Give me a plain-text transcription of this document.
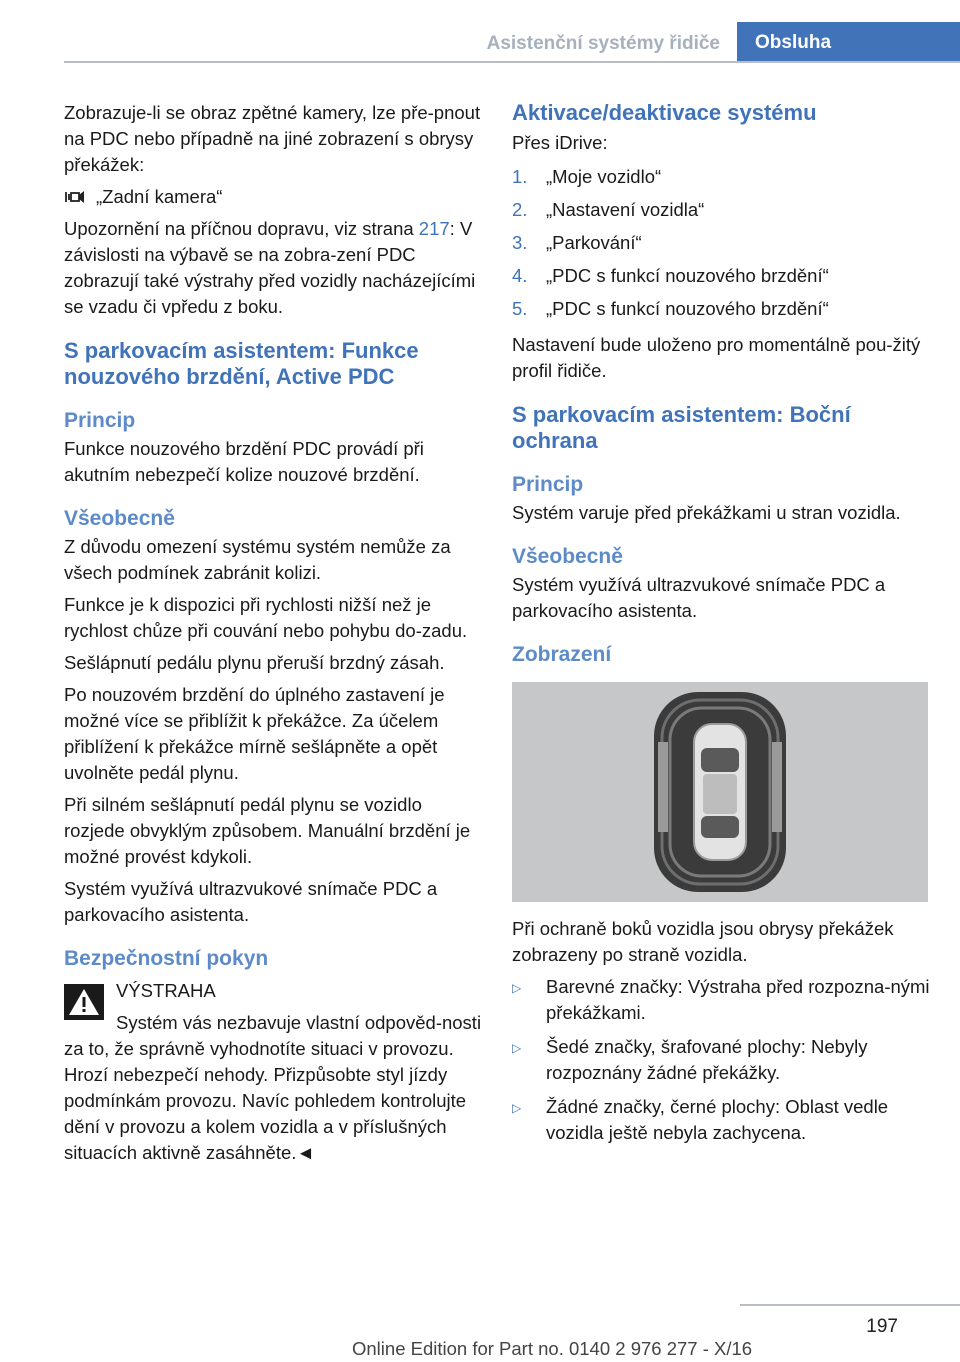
Asistenční systémy řidiče	Obsluha

Zobrazuje-li se obraz zpětné kamery, lze pře-pnout na PDC nebo případně na jiné zobrazení s obrysy překážek:

„Zadní kamera“

Upozornění na příčnou dopravu, viz strana 217: V závislosti na výbavě se na zobra-zení PDC zobrazují také výstrahy před vozidly nacházejícími se vzadu či vpředu z boku.

S parkovacím asistentem: Funkce nouzového brzdění, Active PDC
Princip

Funkce nouzového brzdění PDC provádí při akutním nebezpečí kolize nouzové brzdění.

Všeobecně

Z důvodu omezení systému systém nemůže za všech podmínek zabránit kolizi.

Funkce je k dispozici při rychlosti nižší než je rychlost chůze při couvání nebo pohybu do-zadu.

Sešlápnutí pedálu plynu přeruší brzdný zásah.

Po nouzovém brzdění do úplného zastavení je možné více se přiblížit k překážce. Za účelem přiblížení k překážce mírně sešlápněte a opět uvolněte pedál plynu.

Při silném sešlápnutí pedál plynu se vozidlo rozjede obvyklým způsobem. Manuální brzdění je možné provést kdykoli.

Systém využívá ultrazvukové snímače PDC a parkovacího asistenta.

Bezpečnostní pokyn
VÝSTRAHA

Systém vás nezbavuje vlastní odpověd-nosti za to, že správně vyhodnotíte situaci v provozu. Hrozí nebezpečí nehody. Přizpůsobte styl jízdy podmínkám provozu. Navíc pohledem kontrolujte dění v provozu a kolem vozidla a v příslušných situacích aktivně zasáhněte.◄

Aktivace/deaktivace systému

Přes iDrive:

1.	„Moje vozidlo“
2.	„Nastavení vozidla“
3.	„Parkování“
4.	„PDC s funkcí nouzového brzdění“
5.	„PDC s funkcí nouzového brzdění“

Nastavení bude uloženo pro momentálně pou-žitý profil řidiče.

S parkovacím asistentem: Boční ochrana
Princip

Systém varuje před překážkami u stran vozidla.

Všeobecně

Systém využívá ultrazvukové snímače PDC a parkovacího asistenta.

Zobrazení

Při ochraně boků vozidla jsou obrysy překážek zobrazeny po straně vozidla.

▷	Barevné značky: Výstraha před rozpozna-nými překážkami.
▷	Šedé značky, šrafované plochy: Nebyly rozpoznány žádné překážky.
▷	Žádné značky, černé plochy: Oblast vedle vozidla ještě nebyla zachycena.
197
Online Edition for Part no. 0140 2 976 277 - X/16
